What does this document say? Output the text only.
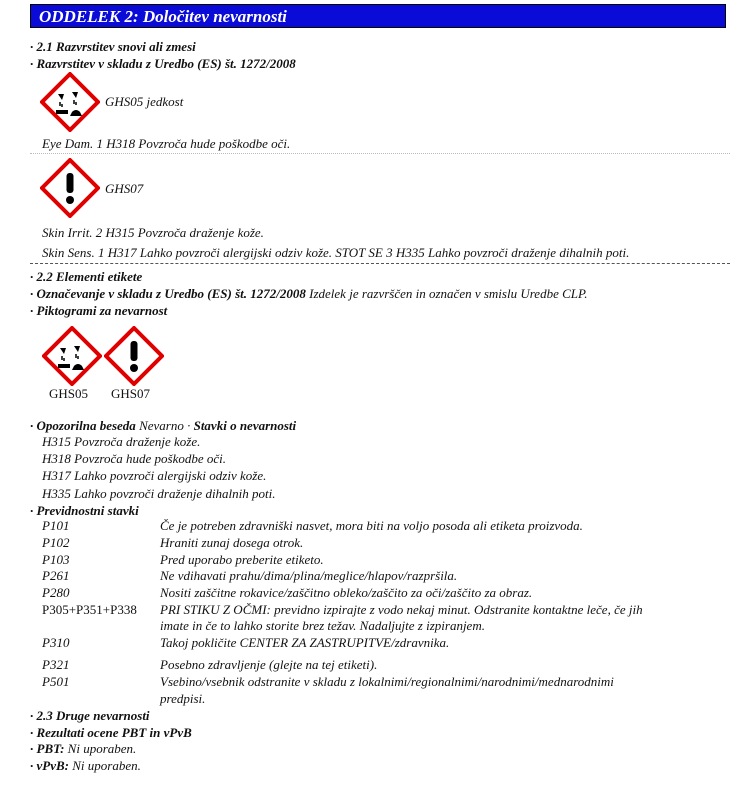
ODDELEK 2: Določitev nevarnosti
· 2.1 Razvrstitev snovi ali zmesi
· Razvrstitev v skladu z Uredbo (ES) št. 1272/2008
GHS05 jedkost
Eye Dam. 1 H318 Povzroča hude poškodbe oči.
GHS07
Skin Irrit. 2 H315 Povzroča draženje kože.
Skin Sens. 1 H317 Lahko povzroči alergijski odziv kože. STOT SE 3 H335 Lahko povzroči draženje dihalnih poti.
· 2.2 Elementi etikete
· Označevanje v skladu z Uredbo (ES) št. 1272/2008 Izdelek je razvrščen in označen v smislu Uredbe CLP.
· Piktogrami za nevarnost
GHS05 GHS07
· Opozorilna beseda Nevarno · Stavki o nevarnosti
H315 Povzroča draženje kože.
H318 Povzroča hude poškodbe oči.
H317 Lahko povzroči alergijski odziv kože.
H335 Lahko povzroči draženje dihalnih poti.
· Previdnostni stavki
P101	Če je potreben zdravniški nasvet, mora biti na voljo posoda ali etiketa proizvoda.
P102	Hraniti zunaj dosega otrok.
P103	Pred uporabo preberite etiketo.
P261	Ne vdihavati prahu/dima/plina/meglice/hlapov/razpršila.
P280	Nositi zaščitne rokavice/zaščitno obleko/zaščito za oči/zaščito za obraz.
P305+P351+P338 PRI STIKU Z OČMI: previdno izpirajte z vodo nekaj minut. Odstranite kontaktne leče, če jih
imate in če to lahko storite brez težav. Nadaljujte z izpiranjem.
P310	Takoj pokličite CENTER ZA ZASTRUPITVE/zdravnika.
P321	Posebno zdravljenje (glejte na tej etiketi).
P501	Vsebino/vsebnik odstranite v skladu z lokalnimi/regionalnimi/narodnimi/mednarodnimi
predpisi.
· 2.3 Druge nevarnosti
· Rezultati ocene PBT in vPvB
· PBT: Ni uporaben.
· vPvB: Ni uporaben.
